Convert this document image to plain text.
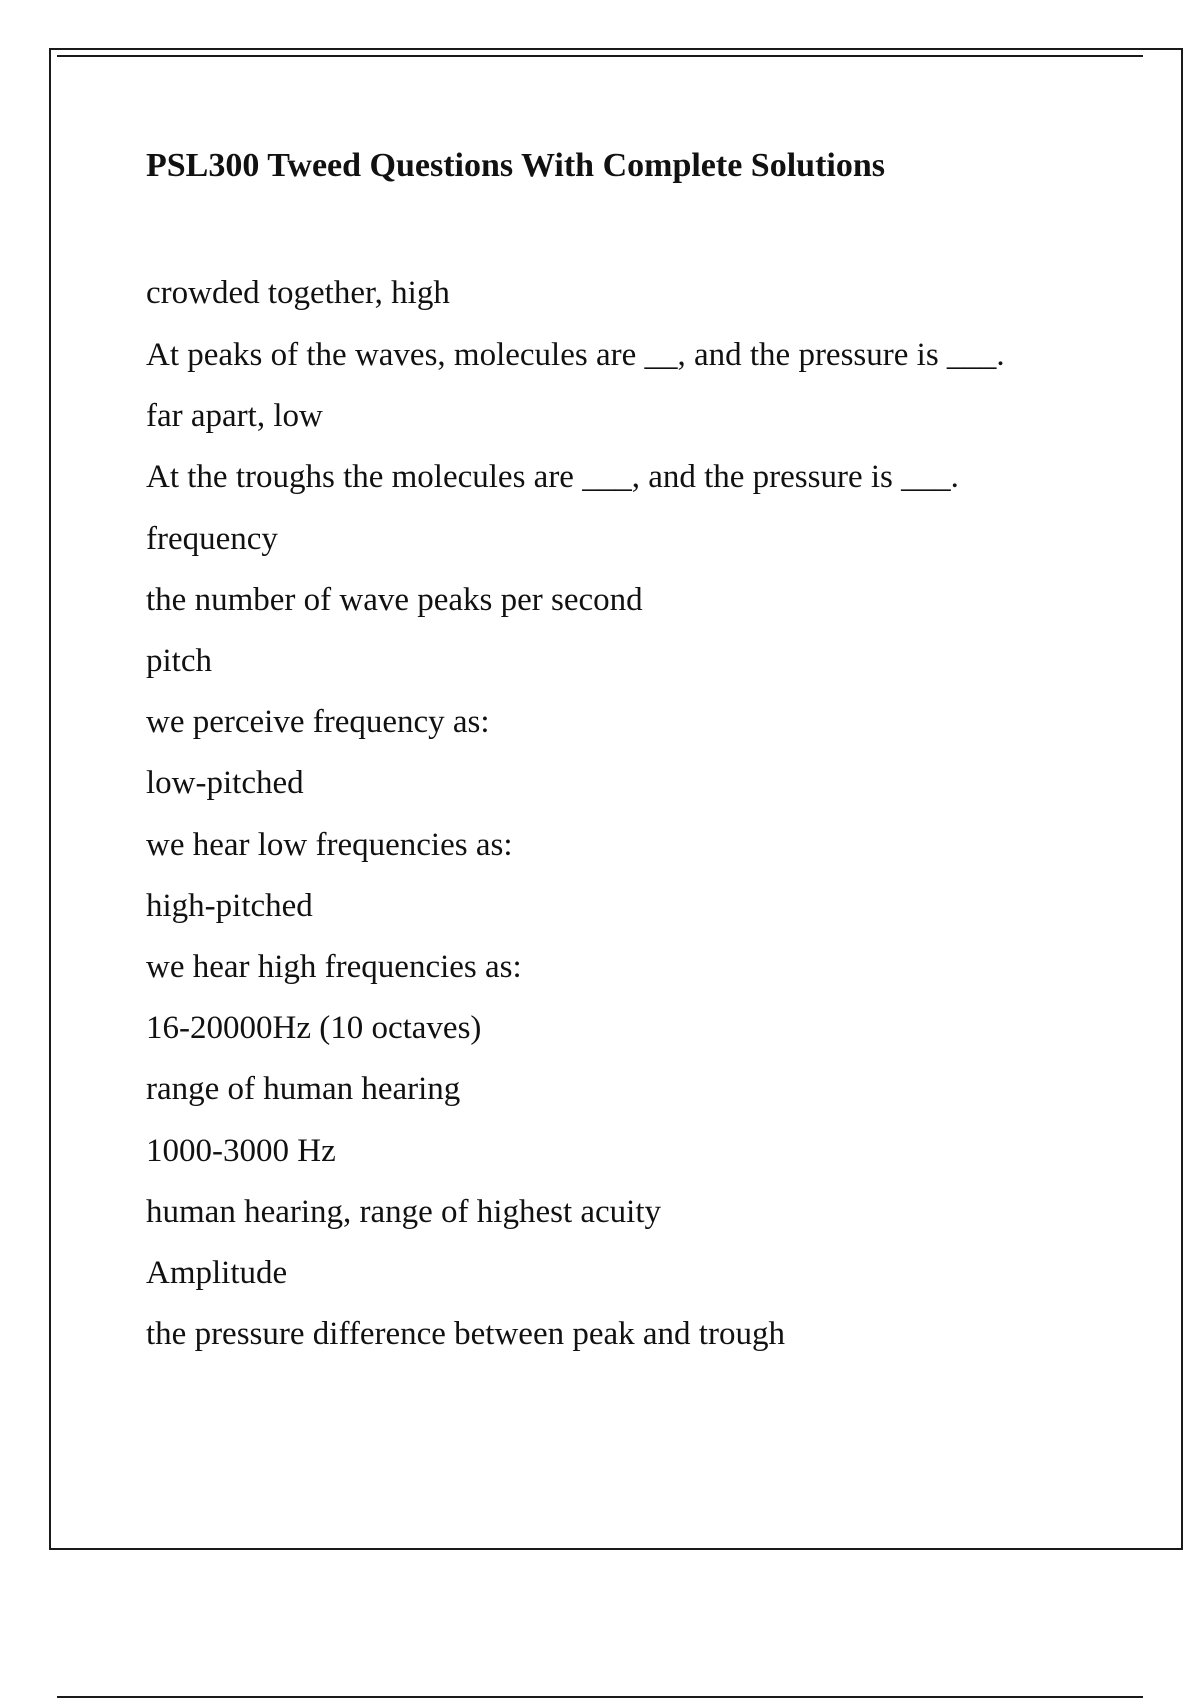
PSL300 Tweed Questions With Complete Solutions

crowded together, high

At peaks of the waves, molecules are __, and the pressure is ___.

far apart, low

At the troughs the molecules are ___, and the pressure is ___.

frequency

the number of wave peaks per second

pitch

we perceive frequency as:

low-pitched

we hear low frequencies as:

high-pitched

we hear high frequencies as:

16-20000Hz (10 octaves)

range of human hearing

1000-3000 Hz

human hearing, range of highest acuity

Amplitude

the pressure difference between peak and trough
